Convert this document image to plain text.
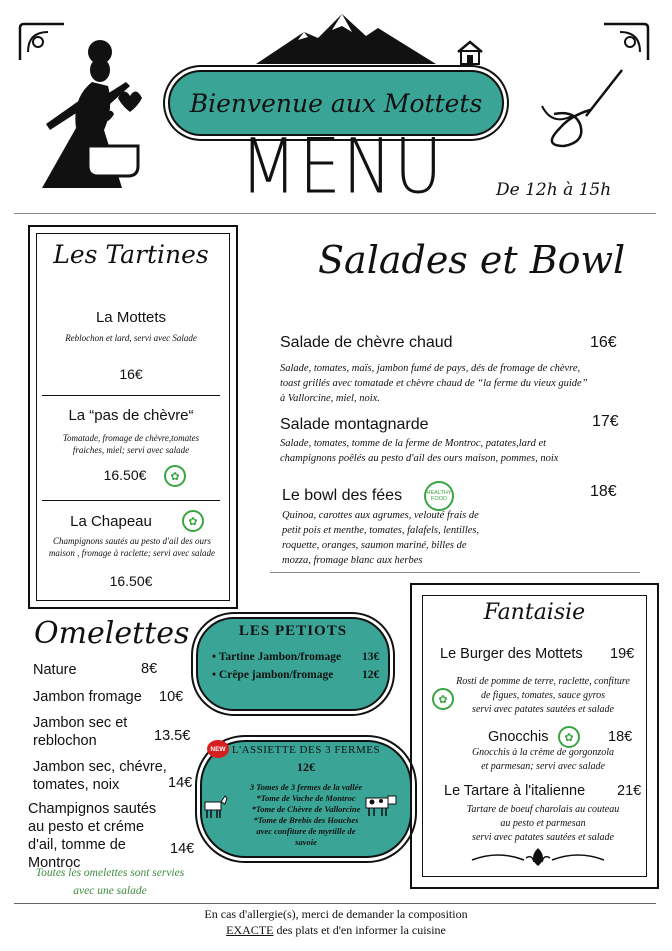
Bienvenue aux Mottets
MENU	De 12h à 15h
Les Tartines
La Mottets
Reblochon et lard, servi avec Salade
16€
La “pas de chèvre“
Tomatade, fromage de chèvre,tomates fraiches, miel; servi avec salade
16.50€	✿
La Chapeau	✿
Champignons sautés au pesto d'ail des ours maison , fromage à raclette; servi avec salade
16.50€
Salades et Bowl
Salade de chèvre chaud	16€
Salade, tomates, maïs, jambon fumé de pays, dés de fromage de chèvre, toast grillés avec tomatade et chèvre chaud de “la ferme du vieux guide” à Vallorcine, miel, noix.
Salade montagnarde	17€
Salade, tomates, tomme de la ferme de Montroc, patates,lard et champignons poêlés au pesto d'ail des ours maison, pommes, noix
Le bowl des fées	HEALTHY FOOD	18€
Quinoa, carottes aux agrumes, velouté frais de petit pois et menthe, tomates, falafels, lentilles, roquette, oranges, saumon mariné, billes de mozza, fromage blanc aux herbes
Omelettes
Nature	8€
Jambon fromage 10€
Jambon sec et reblochon	13.5€
Jambon sec, chévre, tomates, noix	14€
Champignos sautés au pesto et créme d'ail, tomme de Montroc
14€
Toutes les omelettes sont servies
avec une salade
LES PETIOTS
• Tartine Jambon/fromage 13€
• Crêpe jambon/fromage 12€
L'ASSIETTE DES 3 FERMES
12€
3 Tomes de 3 fermes de la vallée
*Tome de Vache de Montroc
*Tome de Chèvre de Vallorcine
*Tome de Brebis des Houches
avec confiture de myrtille de
savoie
NEW
Fantaisie
Le Burger des Mottets 19€
✿
Rosti de pomme de terre, raclette, confiture
de figues, tomates, sauce gyros
servi avec patates sautées et salade
Gnocchis	✿	18€
Gnocchis à la crème de gorgonzola
et parmesan; servi avec salade
Le Tartare à l'italienne 21€
Tartare de boeuf charolais au couteau
au pesto et parmesan
servi avec patates sautées et salade
En cas d'allergie(s), merci de demander la composition
EXACTE des plats et d'en informer la cuisine
